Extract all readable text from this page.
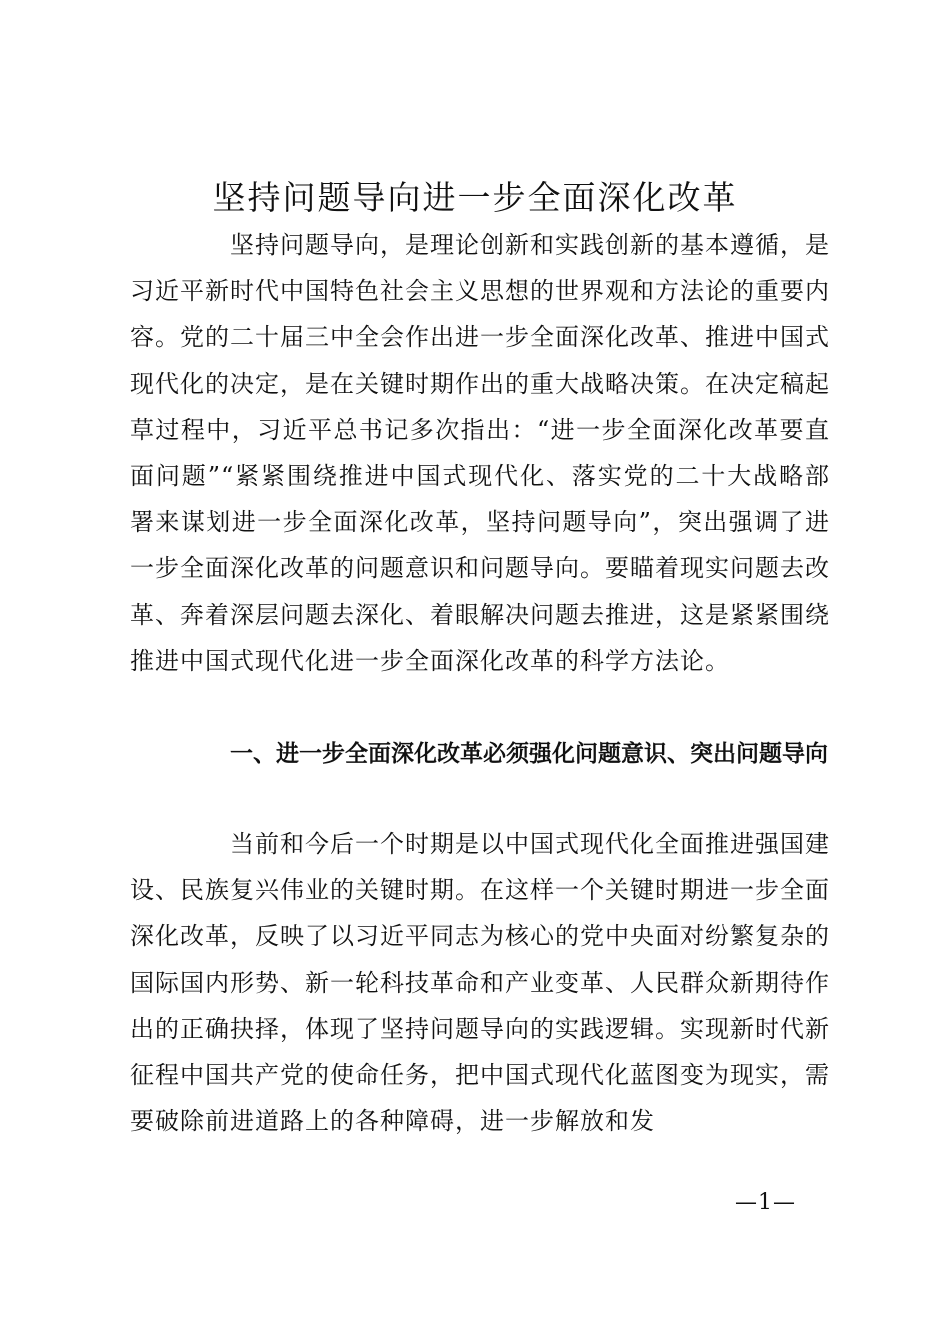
坚持问题导向进一步全面深化改革

坚持问题导向，是理论创新和实践创新的基本遵循，是习近平新时代中国特色社会主义思想的世界观和方法论的重要内容。党的二十届三中全会作出进一步全面深化改革、推进中国式现代化的决定，是在关键时期作出的重大战略决策。在决定稿起草过程中，习近平总书记多次指出：“进一步全面深化改革要直面问题”“紧紧围绕推进中国式现代化、落实党的二十大战略部署来谋划进一步全面深化改革，坚持问题导向”，突出强调了进一步全面深化改革的问题意识和问题导向。要瞄着现实问题去改革、奔着深层问题去深化、着眼解决问题去推进，这是紧紧围绕推进中国式现代化进一步全面深化改革的科学方法论。

一、进一步全面深化改革必须强化问题意识、突出问题导向

当前和今后一个时期是以中国式现代化全面推进强国建设、民族复兴伟业的关键时期。在这样一个关键时期进一步全面深化改革，反映了以习近平同志为核心的党中央面对纷繁复杂的国际国内形势、新一轮科技革命和产业变革、人民群众新期待作出的正确抉择，体现了坚持问题导向的实践逻辑。实现新时代新征程中国共产党的使命任务，把中国式现代化蓝图变为现实，需要破除前进道路上的各种障碍，进一步解放和发

—1—
